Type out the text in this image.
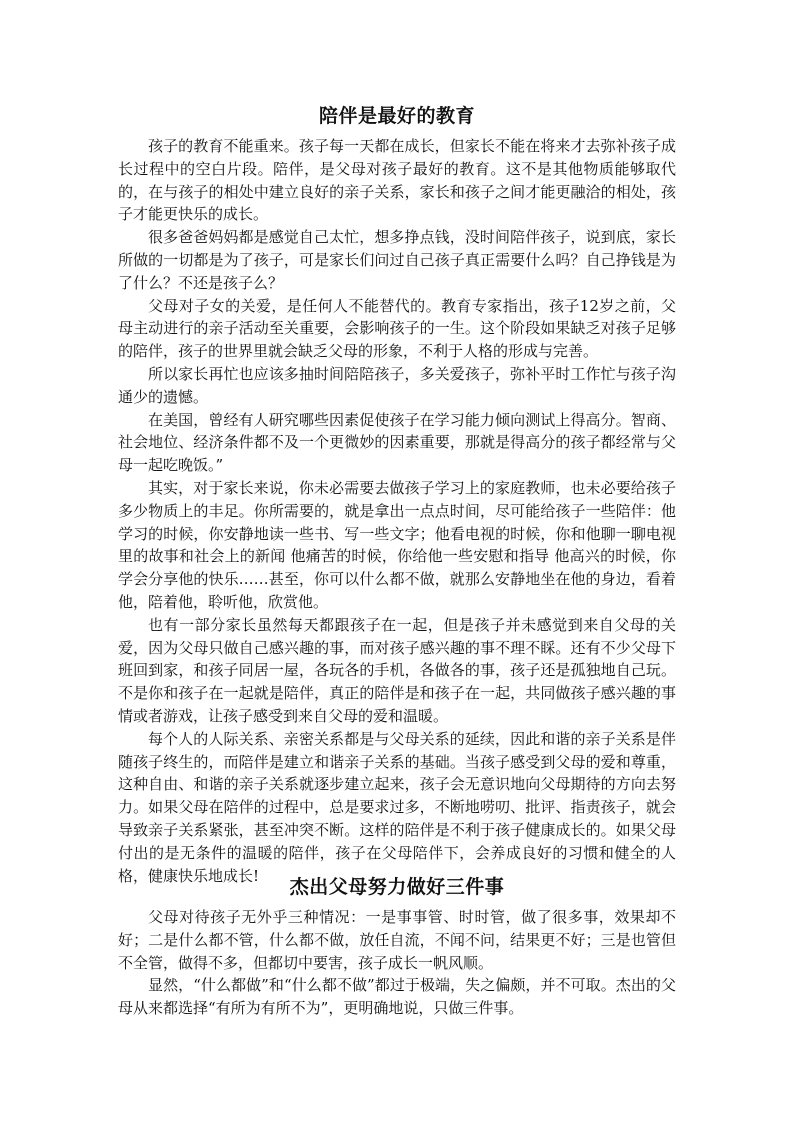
陪伴是最好的教育

孩子的教育不能重来。孩子每一天都在成长，但家长不能在将来才去弥补孩子成长过程中的空白片段。陪伴，是父母对孩子最好的教育。这不是其他物质能够取代的，在与孩子的相处中建立良好的亲子关系，家长和孩子之间才能更融洽的相处，孩子才能更快乐的成长。

很多爸爸妈妈都是感觉自己太忙，想多挣点钱，没时间陪伴孩子，说到底，家长所做的一切都是为了孩子，可是家长们问过自己孩子真正需要什么吗？自己挣钱是为了什么？不还是孩子么？

父母对子女的关爱，是任何人不能替代的。教育专家指出，孩子12岁之前，父母主动进行的亲子活动至关重要，会影响孩子的一生。这个阶段如果缺乏对孩子足够的陪伴，孩子的世界里就会缺乏父母的形象，不利于人格的形成与完善。

所以家长再忙也应该多抽时间陪陪孩子，多关爱孩子，弥补平时工作忙与孩子沟通少的遗憾。

在美国，曾经有人研究哪些因素促使孩子在学习能力倾向测试上得高分。智商、社会地位、经济条件都不及一个更微妙的因素重要，那就是得高分的孩子都经常与父母一起吃晚饭。”

其实，对于家长来说，你未必需要去做孩子学习上的家庭教师，也未必要给孩子多少物质上的丰足。你所需要的，就是拿出一点点时间，尽可能给孩子一些陪伴：他学习的时候，你安静地读一些书、写一些文字；他看电视的时候，你和他聊一聊电视里的故事和社会上的新闻 他痛苦的时候，你给他一些安慰和指导 他高兴的时候，你学会分享他的快乐……甚至，你可以什么都不做，就那么安静地坐在他的身边，看着他，陪着他，聆听他，欣赏他。

也有一部分家长虽然每天都跟孩子在一起，但是孩子并未感觉到来自父母的关爱，因为父母只做自己感兴趣的事，而对孩子感兴趣的事不理不睬。还有不少父母下班回到家，和孩子同居一屋，各玩各的手机，各做各的事，孩子还是孤独地自己玩。不是你和孩子在一起就是陪伴，真正的陪伴是和孩子在一起，共同做孩子感兴趣的事情或者游戏，让孩子感受到来自父母的爱和温暖。

每个人的人际关系、亲密关系都是与父母关系的延续，因此和谐的亲子关系是伴随孩子终生的，而陪伴是建立和谐亲子关系的基础。当孩子感受到父母的爱和尊重，这种自由、和谐的亲子关系就逐步建立起来，孩子会无意识地向父母期待的方向去努力。如果父母在陪伴的过程中，总是要求过多，不断地唠叨、批评、指责孩子，就会导致亲子关系紧张，甚至冲突不断。这样的陪伴是不利于孩子健康成长的。如果父母付出的是无条件的温暖的陪伴，孩子在父母陪伴下，会养成良好的习惯和健全的人格，健康快乐地成长!

杰出父母努力做好三件事

父母对待孩子无外乎三种情况：一是事事管、时时管，做了很多事，效果却不好；二是什么都不管，什么都不做，放任自流，不闻不问，结果更不好；三是也管但不全管，做得不多，但都切中要害，孩子成长一帆风顺。

显然，“什么都做”和“什么都不做”都过于极端，失之偏颇，并不可取。杰出的父母从来都选择“有所为有所不为”，更明确地说，只做三件事。
